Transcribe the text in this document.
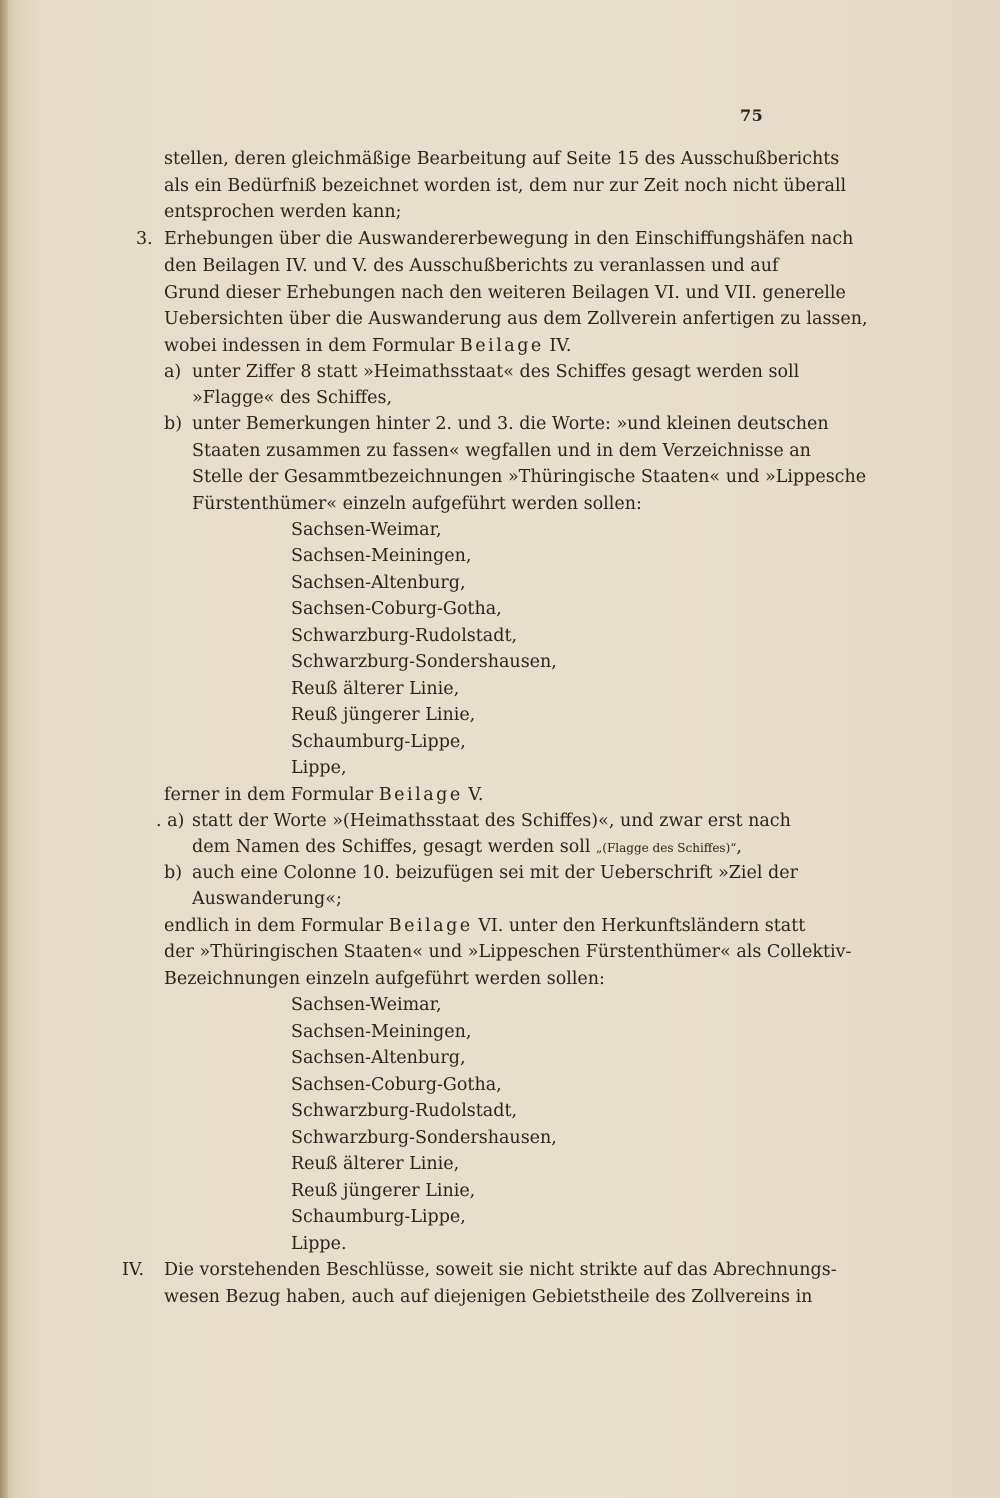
75
stellen, deren gleichmäßige Bearbeitung auf Seite 15 des Ausschußberichts
als ein Bedürfniß bezeichnet worden ist, dem nur zur Zeit noch nicht überall
entsprochen werden kann;
3. Erhebungen über die Auswandererbewegung in den Einschiffungshäfen nach
den Beilagen IV. und V. des Ausschußberichts zu veranlassen und auf
Grund dieser Erhebungen nach den weiteren Beilagen VI. und VII. generelle
Uebersichten über die Auswanderung aus dem Zollverein anfertigen zu lassen,
wobei indessen in dem Formular Beilage IV.
a) unter Ziffer 8 statt »Heimathsstaat« des Schiffes gesagt werden soll
»Flagge« des Schiffes,
b) unter Bemerkungen hinter 2. und 3. die Worte: »und kleinen deutschen
Staaten zusammen zu fassen« wegfallen und in dem Verzeichnisse an
Stelle der Gesammtbezeichnungen »Thüringische Staaten« und »Lippesche
Fürstenthümer« einzeln aufgeführt werden sollen:
Sachsen-Weimar,
Sachsen-Meiningen,
Sachsen-Altenburg,
Sachsen-Coburg-Gotha,
Schwarzburg-Rudolstadt,
Schwarzburg-Sondershausen,
Reuß älterer Linie,
Reuß jüngerer Linie,
Schaumburg-Lippe,
Lippe,
ferner in dem Formular Beilage V.
. a) statt der Worte »(Heimathsstaat des Schiffes)«, und zwar erst nach
dem Namen des Schiffes, gesagt werden soll „(Flagge des Schiffes)“,
b) auch eine Colonne 10. beizufügen sei mit der Ueberschrift »Ziel der
Auswanderung«;
endlich in dem Formular Beilage VI. unter den Herkunftsländern statt
der »Thüringischen Staaten« und »Lippeschen Fürstenthümer« als Collektiv-
Bezeichnungen einzeln aufgeführt werden sollen:
Sachsen-Weimar,
Sachsen-Meiningen,
Sachsen-Altenburg,
Sachsen-Coburg-Gotha,
Schwarzburg-Rudolstadt,
Schwarzburg-Sondershausen,
Reuß älterer Linie,
Reuß jüngerer Linie,
Schaumburg-Lippe,
Lippe.
IV. Die vorstehenden Beschlüsse, soweit sie nicht strikte auf das Abrechnungs-
wesen Bezug haben, auch auf diejenigen Gebietstheile des Zollvereins in
